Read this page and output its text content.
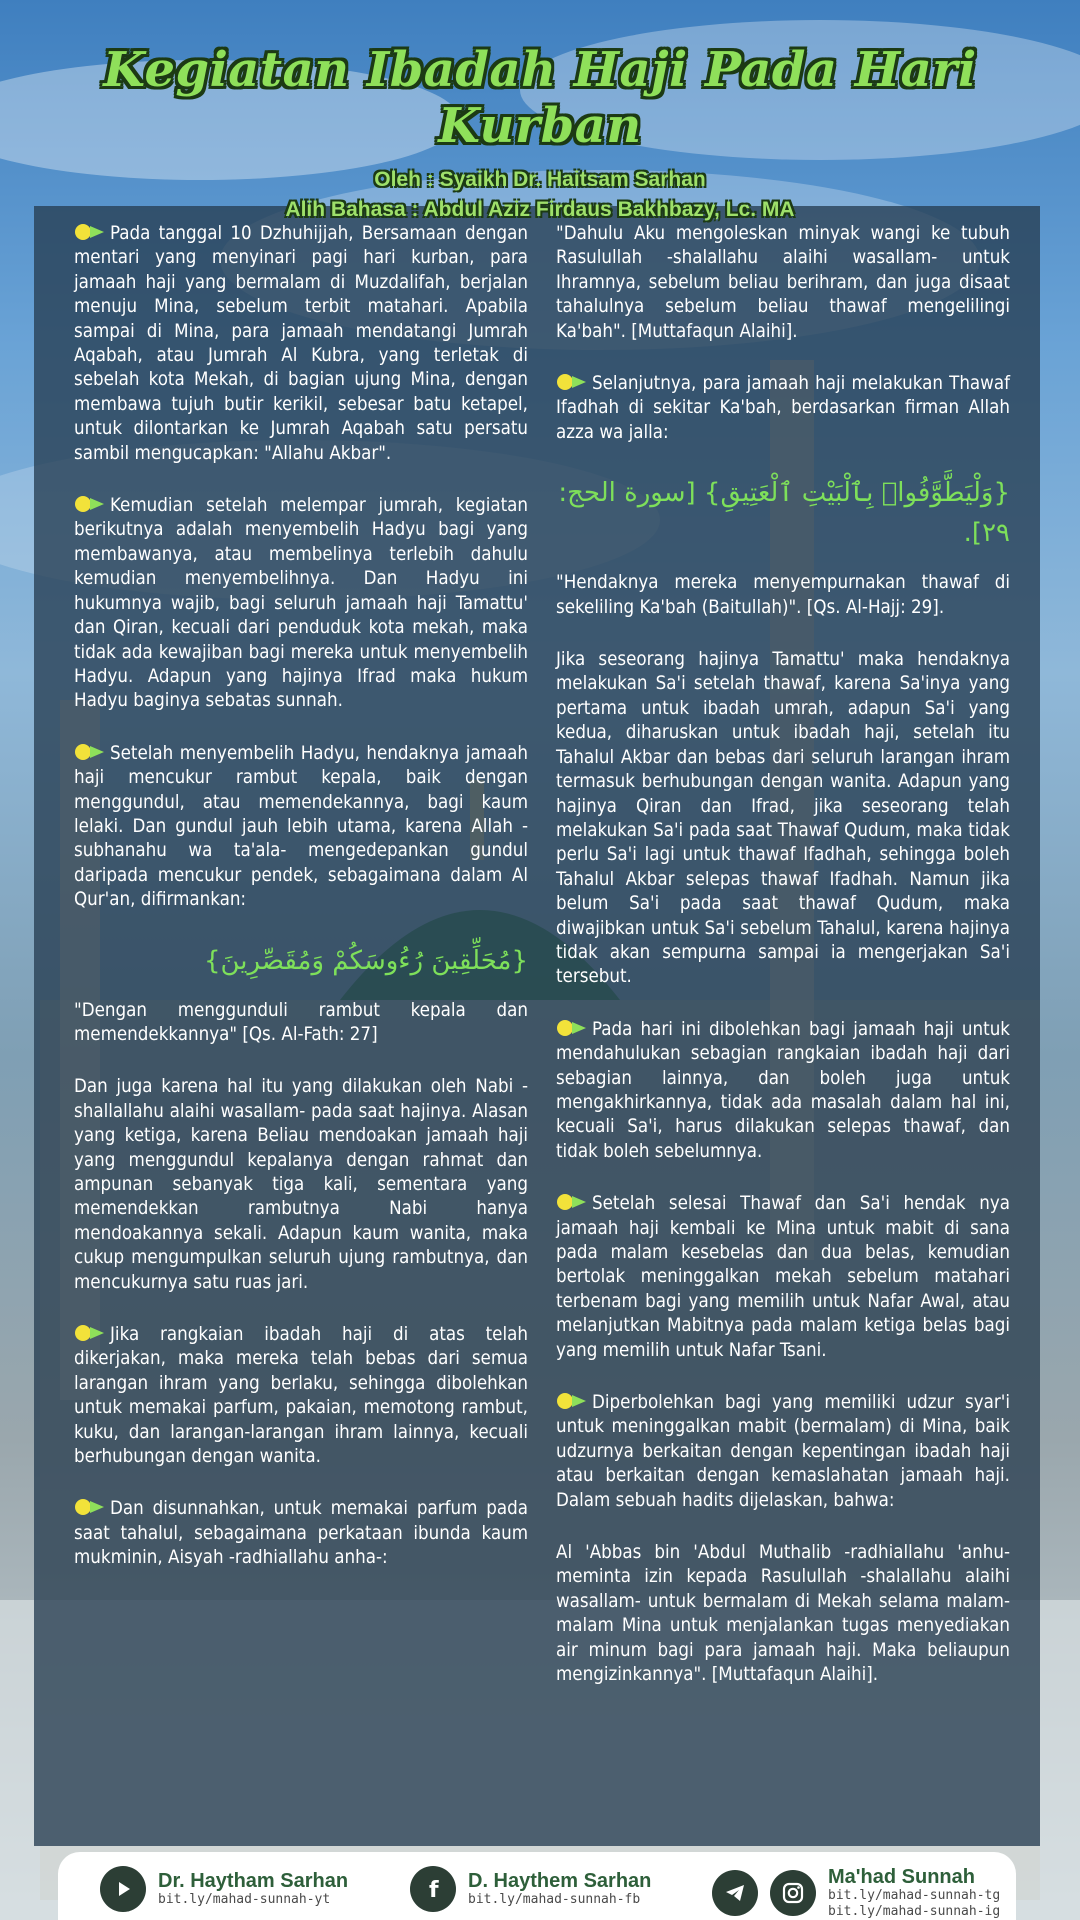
Kegiatan Ibadah Haji Pada Hari Kurban
Oleh : Syaikh Dr. Haitsam Sarhan
Alih Bahasa : Abdul Aziz Firdaus Bakhbazy, Lc. MA

Pada tanggal 10 Dzhuhijjah, Bersamaan dengan mentari yang menyinari pagi hari kurban, para jamaah haji yang bermalam di Muzdalifah, berjalan menuju Mina, sebelum terbit matahari. Apabila sampai di Mina, para jamaah mendatangi Jumrah Aqabah, atau Jumrah Al Kubra, yang terletak di sebelah kota Mekah, di bagian ujung Mina, dengan membawa tujuh butir kerikil, sebesar batu ketapel, untuk dilontarkan ke Jumrah Aqabah satu persatu sambil mengucapkan: "Allahu Akbar".

Kemudian setelah melempar jumrah, kegiatan berikutnya adalah menyembelih Hadyu bagi yang membawanya, atau membelinya terlebih dahulu kemudian menyembelihnya. Dan Hadyu ini hukumnya wajib, bagi seluruh jamaah haji Tamattu' dan Qiran, kecuali dari penduduk kota mekah, maka tidak ada kewajiban bagi mereka untuk menyembelih Hadyu. Adapun yang hajinya Ifrad maka hukum Hadyu baginya sebatas sunnah.

Setelah menyembelih Hadyu, hendaknya jamaah haji mencukur rambut kepala, baik dengan menggundul, atau memendekannya, bagi kaum lelaki. Dan gundul jauh lebih utama, karena Allah -subhanahu wa ta'ala- mengedepankan gundul daripada mencukur pendek, sebagaimana dalam Al Qur'an, difirmankan:

{مُحَلِّقِينَ رُءُوسَكُمْ وَمُقَصِّرِينَ}

"Dengan menggunduli rambut kepala dan memendekkannya" [Qs. Al-Fath: 27]

Dan juga karena hal itu yang dilakukan oleh Nabi -shallallahu alaihi wasallam- pada saat hajinya. Alasan yang ketiga, karena Beliau mendoakan jamaah haji yang menggundul kepalanya dengan rahmat dan ampunan sebanyak tiga kali, sementara yang memendekkan rambutnya Nabi hanya mendoakannya sekali. Adapun kaum wanita, maka cukup mengumpulkan seluruh ujung rambutnya, dan mencukurnya satu ruas jari.

Jika rangkaian ibadah haji di atas telah dikerjakan, maka mereka telah bebas dari semua larangan ihram yang berlaku, sehingga dibolehkan untuk memakai parfum, pakaian, memotong rambut, kuku, dan larangan-larangan ihram lainnya, kecuali berhubungan dengan wanita.

Dan disunnahkan, untuk memakai parfum pada saat tahalul, sebagaimana perkataan ibunda kaum mukminin, Aisyah -radhiallahu anha-:

"Dahulu Aku mengoleskan minyak wangi ke tubuh Rasulullah -shalallahu alaihi wasallam- untuk Ihramnya, sebelum beliau berihram, dan juga disaat tahalulnya sebelum beliau thawaf mengelilingi Ka'bah". [Muttafaqun Alaihi].

Selanjutnya, para jamaah haji melakukan Thawaf Ifadhah di sekitar Ka'bah, berdasarkan firman Allah azza wa jalla:

{وَلْيَطَّوَّفُوا۟ بِٱلْبَيْتِ ٱلْعَتِيقِ} [سورة الحج: ٢٩].

"Hendaknya mereka menyempurnakan thawaf di sekeliling Ka'bah (Baitullah)". [Qs. Al-Hajj: 29].

Jika seseorang hajinya Tamattu' maka hendaknya melakukan Sa'i setelah thawaf, karena Sa'inya yang pertama untuk ibadah umrah, adapun Sa'i yang kedua, diharuskan untuk ibadah haji, setelah itu Tahalul Akbar dan bebas dari seluruh larangan ihram termasuk berhubungan dengan wanita. Adapun yang hajinya Qiran dan Ifrad, jika seseorang telah melakukan Sa'i pada saat Thawaf Qudum, maka tidak perlu Sa'i lagi untuk thawaf Ifadhah, sehingga boleh Tahalul Akbar selepas thawaf Ifadhah. Namun jika belum Sa'i pada saat thawaf Qudum, maka diwajibkan untuk Sa'i sebelum Tahalul, karena hajinya tidak akan sempurna sampai ia mengerjakan Sa'i tersebut.

Pada hari ini dibolehkan bagi jamaah haji untuk mendahulukan sebagian rangkaian ibadah haji dari sebagian lainnya, dan boleh juga untuk mengakhirkannya, tidak ada masalah dalam hal ini, kecuali Sa'i, harus dilakukan selepas thawaf, dan tidak boleh sebelumnya.

Setelah selesai Thawaf dan Sa'i hendak nya jamaah haji kembali ke Mina untuk mabit di sana pada malam kesebelas dan dua belas, kemudian bertolak meninggalkan mekah sebelum matahari terbenam bagi yang memilih untuk Nafar Awal, atau melanjutkan Mabitnya pada malam ketiga belas bagi yang memilih untuk Nafar Tsani.

Diperbolehkan bagi yang memiliki udzur syar'i untuk meninggalkan mabit (bermalam) di Mina, baik udzurnya berkaitan dengan kepentingan ibadah haji atau berkaitan dengan kemaslahatan jamaah haji. Dalam sebuah hadits dijelaskan, bahwa:

Al 'Abbas bin 'Abdul Muthalib -radhiallahu 'anhu- meminta izin kepada Rasulullah -shalallahu alaihi wasallam- untuk bermalam di Mekah selama malam-malam Mina untuk menjalankan tugas menyediakan air minum bagi para jamaah haji. Maka beliaupun mengizinkannya". [Muttafaqun Alaihi].

Dr. Haytham Sarhan
bit.ly/mahad-sunnah-yt	f D. Haythem Sarhan
bit.ly/mahad-sunnah-fb
Ma'had Sunnah
bit.ly/mahad-sunnah-tg
bit.ly/mahad-sunnah-ig
